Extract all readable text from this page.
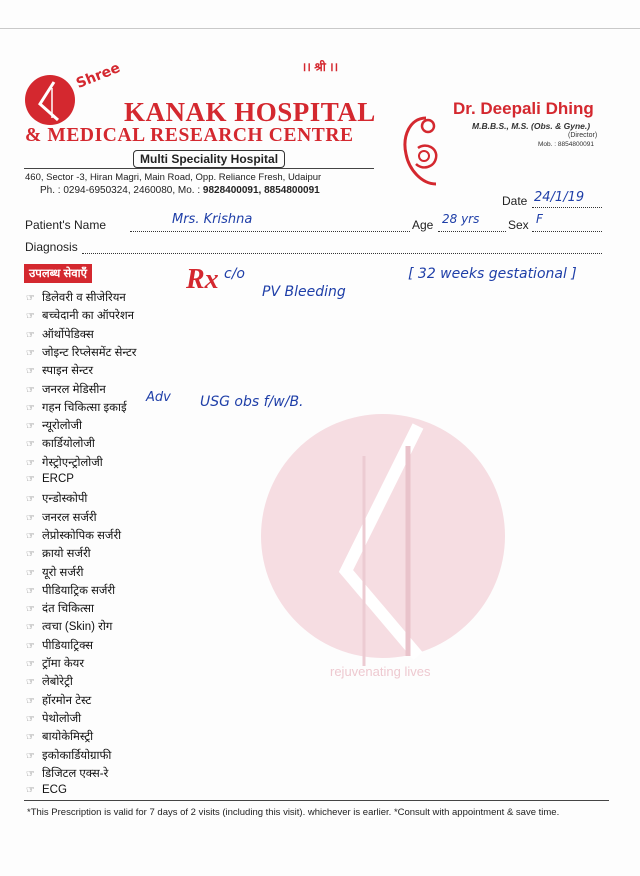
।। श्री ।।
Shree
KANAK HOSPITAL
& MEDICAL RESEARCH CENTRE
Multi Speciality Hospital
460, Sector -3, Hiran Magri, Main Road, Opp. Reliance Fresh, Udaipur
Ph. : 0294-6950324, 2460080, Mo. : 9828400091, 8854800091
Dr. Deepali Dhing
M.B.B.S., M.S. (Obs. & Gyne.)
(Director)
Mob. : 8854800091
Date 24/1/19
Patient's Name	Mrs. Krishna	Age 28 yrs Sex F
Diagnosis
rejuvenating lives
उपलब्ध सेवाएँ
☞ डिलेवरी व सीजेरियन
☞ बच्चेदानी का ऑपरेशन
☞ ऑर्थोपेडिक्स
☞ जोइन्ट रिप्लेसमेंट सेन्टर
☞ स्पाइन सेन्टर
☞ जनरल मेडिसीन
☞ गहन चिकित्सा इकाई
☞ न्यूरोलोजी
☞ कार्डियोलोजी
☞ गेस्ट्रोएन्ट्रोलोजी
☞ ERCP
☞ एन्डोस्कोपी
☞ जनरल सर्जरी
☞ लेप्रोस्कोपिक सर्जरी
☞ क्रायो सर्जरी
☞ यूरो सर्जरी
☞ पीडियाट्रिक सर्जरी
☞ दंत चिकित्सा
☞ त्वचा (Skin) रोग
☞ पीडियाट्रिक्स
☞ ट्रॉमा केयर
☞ लेबोरेट्री
☞ हॉरमोन टेस्ट
☞ पेथोलोजी
☞ बायोकेमिस्ट्री
☞ इकोकार्डियोग्राफी
☞ डिजिटल एक्स-रे
☞ ECG
Rx c/o
PV Bleeding
[ 32 weeks gestational ]
Adv USG obs f/w/B.
*This Prescription is valid for 7 days of 2 visits (including this visit). whichever is earlier. *Consult with appointment & save time.
